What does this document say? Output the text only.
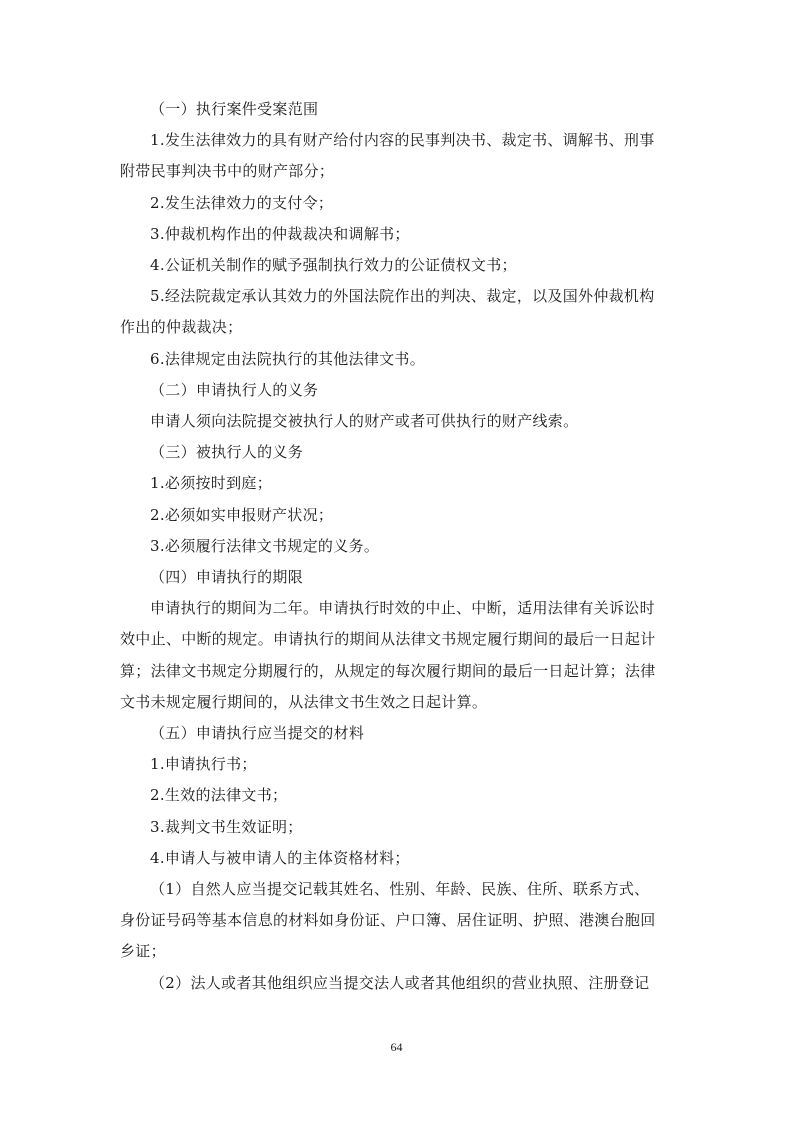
（一）执行案件受案范围
1.发生法律效力的具有财产给付内容的民事判决书、裁定书、调解书、刑事
附带民事判决书中的财产部分；
2.发生法律效力的支付令；
3.仲裁机构作出的仲裁裁决和调解书；
4.公证机关制作的赋予强制执行效力的公证债权文书；
5.经法院裁定承认其效力的外国法院作出的判决、裁定，以及国外仲裁机构
作出的仲裁裁决；
6.法律规定由法院执行的其他法律文书。
（二）申请执行人的义务
申请人须向法院提交被执行人的财产或者可供执行的财产线索。
（三）被执行人的义务
1.必须按时到庭；
2.必须如实申报财产状况；
3.必须履行法律文书规定的义务。
（四）申请执行的期限
申请执行的期间为二年。申请执行时效的中止、中断，适用法律有关诉讼时
效中止、中断的规定。申请执行的期间从法律文书规定履行期间的最后一日起计
算；法律文书规定分期履行的，从规定的每次履行期间的最后一日起计算；法律
文书未规定履行期间的，从法律文书生效之日起计算。
（五）申请执行应当提交的材料
1.申请执行书；
2.生效的法律文书；
3.裁判文书生效证明；
4.申请人与被申请人的主体资格材料；
（1）自然人应当提交记载其姓名、性别、年龄、民族、住所、联系方式、
身份证号码等基本信息的材料如身份证、户口簿、居住证明、护照、港澳台胞回
乡证；
（2）法人或者其他组织应当提交法人或者其他组织的营业执照、注册登记
64
